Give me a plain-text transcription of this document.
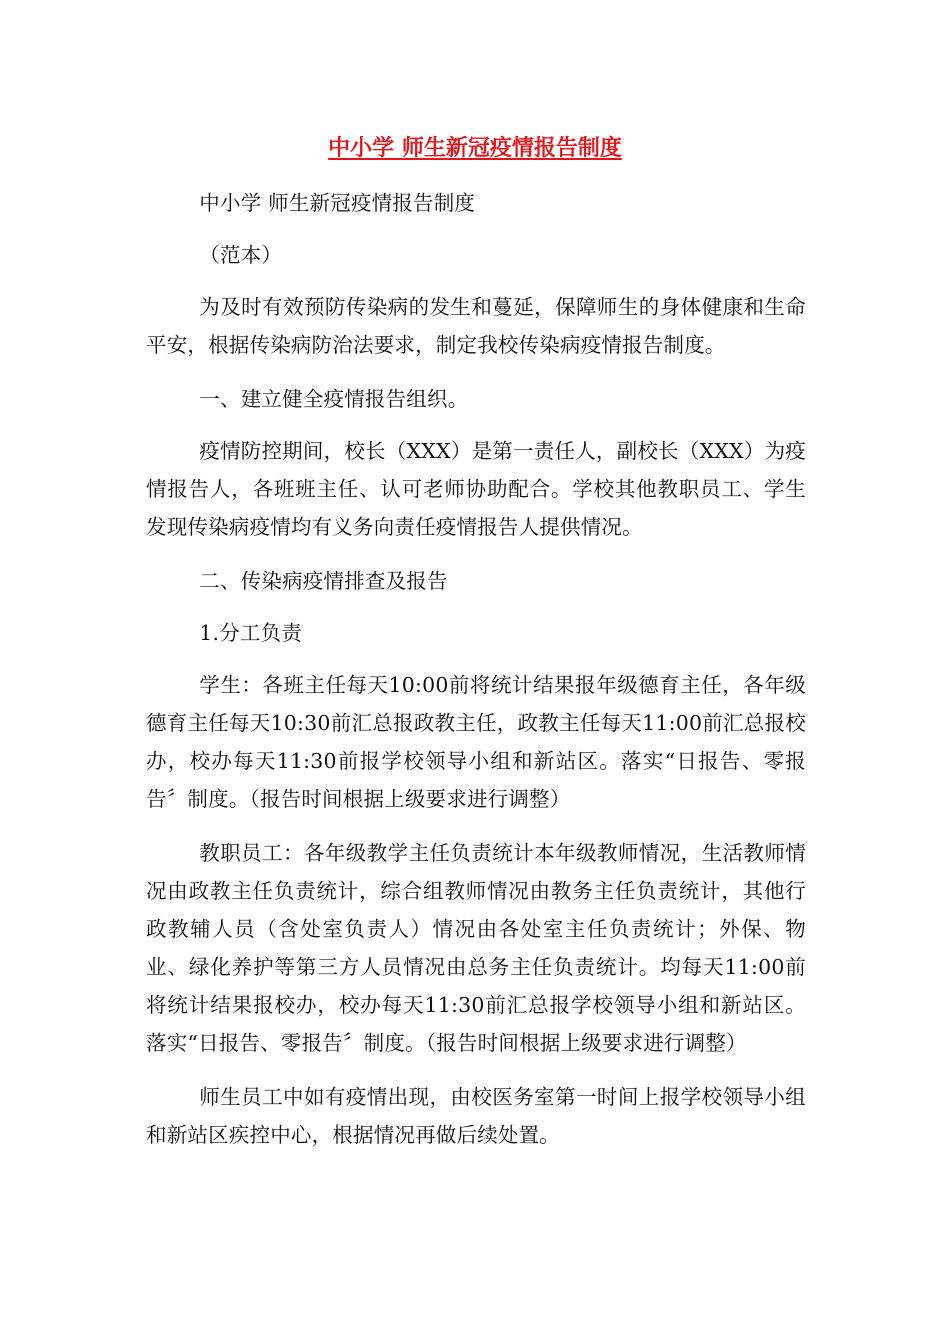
中小学 师生新冠疫情报告制度

中小学 师生新冠疫情报告制度

（范本）

为及时有效预防传染病的发生和蔓延，保障师生的身体健康和生命平安，根据传染病防治法要求，制定我校传染病疫情报告制度。

一、建立健全疫情报告组织。

疫情防控期间，校长（XXX）是第一责任人，副校长（XXX）为疫情报告人，各班班主任、认可老师协助配合。学校其他教职员工、学生发现传染病疫情均有义务向责任疫情报告人提供情况。

二、传染病疫情排查及报告

1.分工负责

学生：各班主任每天10:00前将统计结果报年级德育主任，各年级德育主任每天10:30前汇总报政教主任，政教主任每天11:00前汇总报校办，校办每天11:30前报学校领导小组和新站区。落实“日报告、零报告〞制度。（报告时间根据上级要求进行调整）

教职员工：各年级教学主任负责统计本年级教师情况，生活教师情况由政教主任负责统计，综合组教师情况由教务主任负责统计，其他行政教辅人员（含处室负责人）情况由各处室主任负责统计；外保、物业、绿化养护等第三方人员情况由总务主任负责统计。均每天11:00前将统计结果报校办，校办每天11:30前汇总报学校领导小组和新站区。落实“日报告、零报告〞制度。（报告时间根据上级要求进行调整）

师生员工中如有疫情出现，由校医务室第一时间上报学校领导小组和新站区疾控中心，根据情况再做后续处置。
